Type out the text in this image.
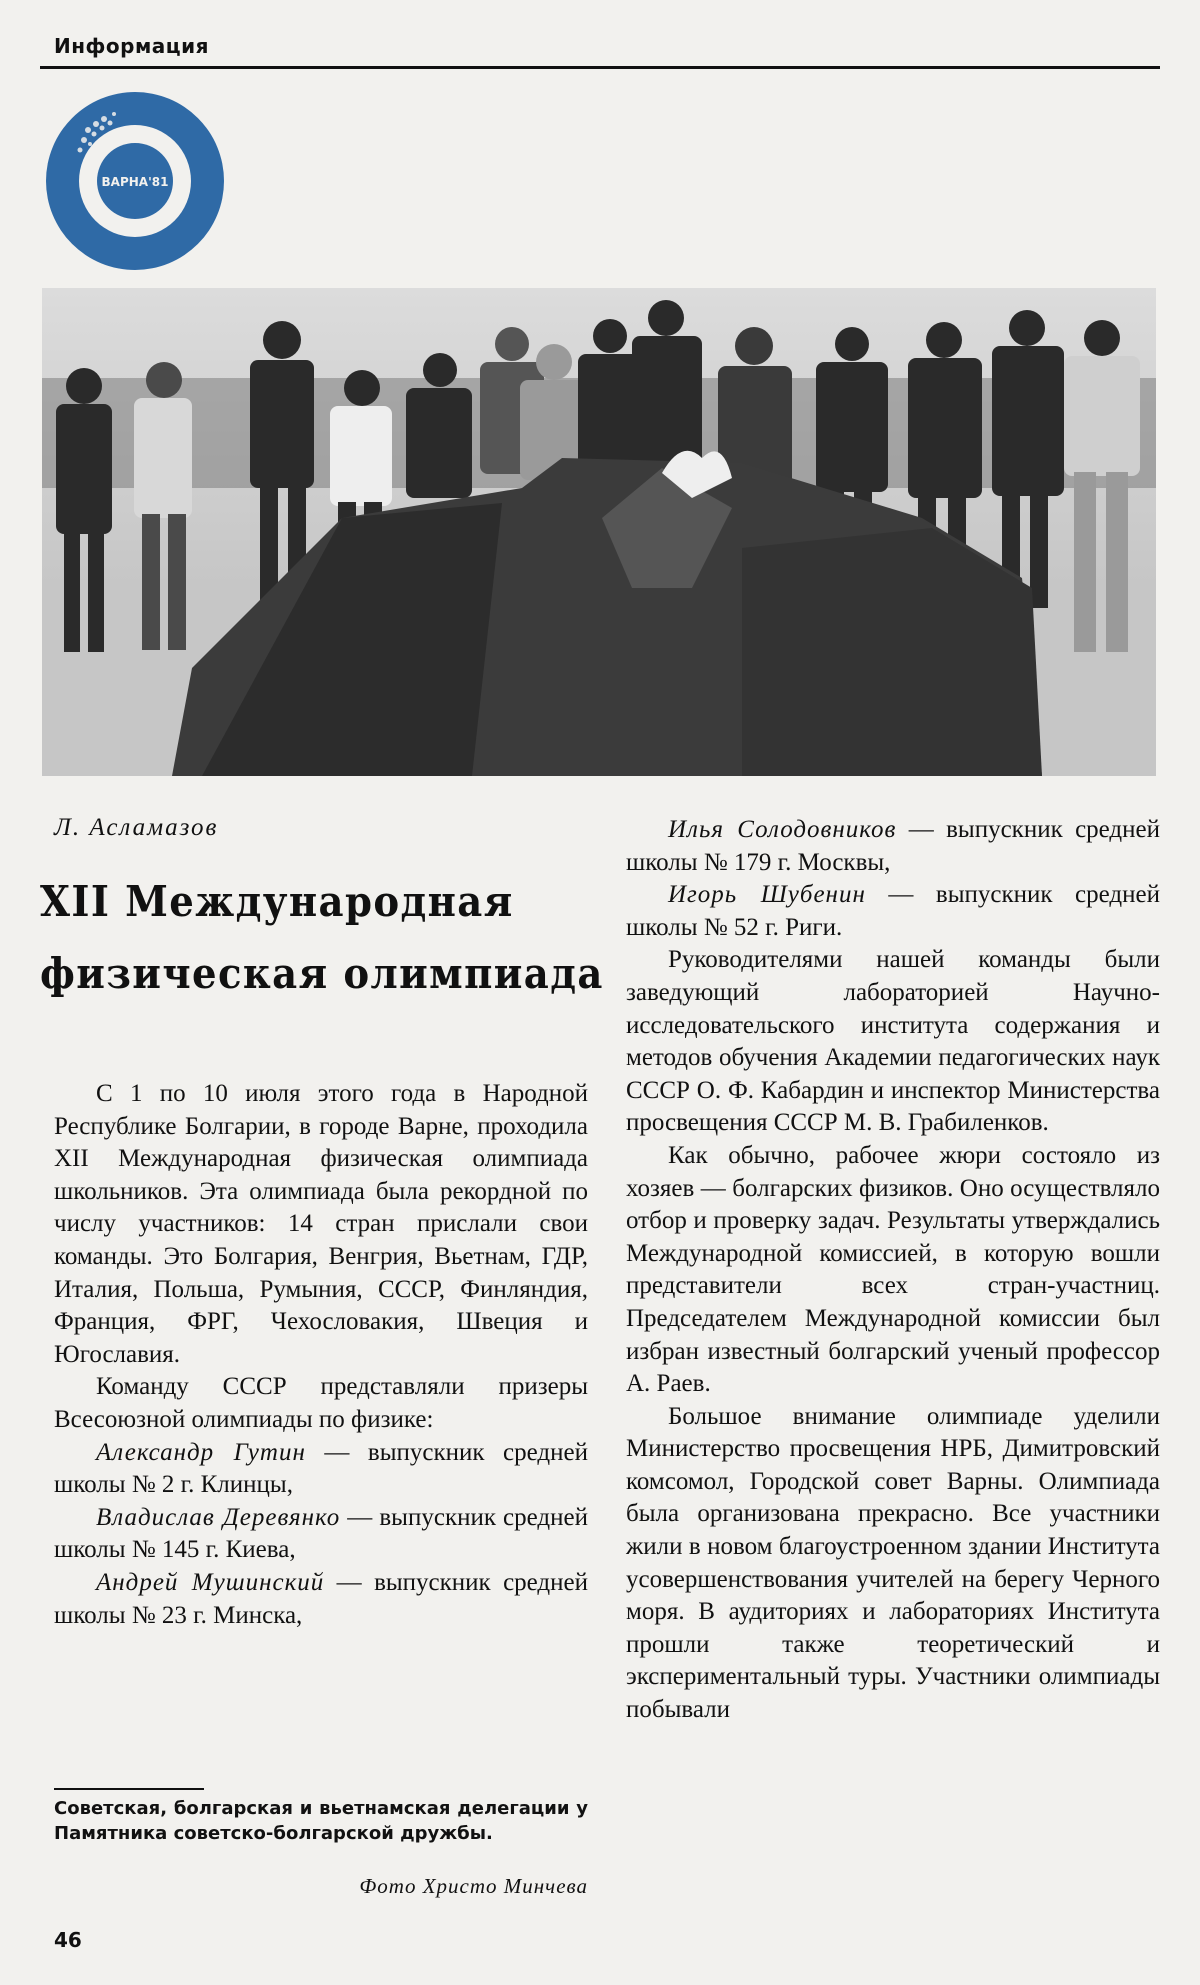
Информация
ВАРНА'81
Л. Асламазов
XII Международная
физическая олимпиада

С 1 по 10 июля этого года в Народной Республике Болгарии, в городе Варне, проходила XII Международная физическая олимпиада школьников. Эта олимпиада была рекордной по числу участников: 14 стран прислали свои команды. Это Болгария, Венгрия, Вьетнам, ГДР, Италия, Польша, Румыния, СССР, Финляндия, Франция, ФРГ, Чехословакия, Швеция и Югославия.

Команду СССР представляли призеры Всесоюзной олимпиады по физике:

Александр Гутин — выпускник средней школы № 2 г. Клинцы,

Владислав Деревянко — выпускник средней школы № 145 г. Киева,

Андрей Мушинский — выпускник средней школы № 23 г. Минска,

Илья Солодовников — выпускник средней школы № 179 г. Москвы,

Игорь Шубенин — выпускник средней школы № 52 г. Риги.

Руководителями нашей команды были заведующий лабораторией Научно-исследовательского института содержания и методов обучения Академии педагогических наук СССР О. Ф. Кабардин и инспектор Министерства просвещения СССР М. В. Грабиленков.

Как обычно, рабочее жюри состояло из хозяев — болгарских физиков. Оно осуществляло отбор и проверку задач. Результаты утверждались Международной комиссией, в которую вошли представители всех стран-участниц. Председателем Международной комиссии был избран известный болгарский ученый профессор А. Раев.

Большое внимание олимпиаде уделили Министерство просвещения НРБ, Димитровский комсомол, Городской совет Варны. Олимпиада была организована прекрасно. Все участники жили в новом благоустроенном здании Института усовершенствования учителей на берегу Черного моря. В аудиториях и лабораториях Института прошли также теоретический и экспериментальный туры. Участники олимпиады побывали

Советская, болгарская и вьетнамская делегации у Памятника советско-болгарской дружбы.
Фото Христо Минчева
46
